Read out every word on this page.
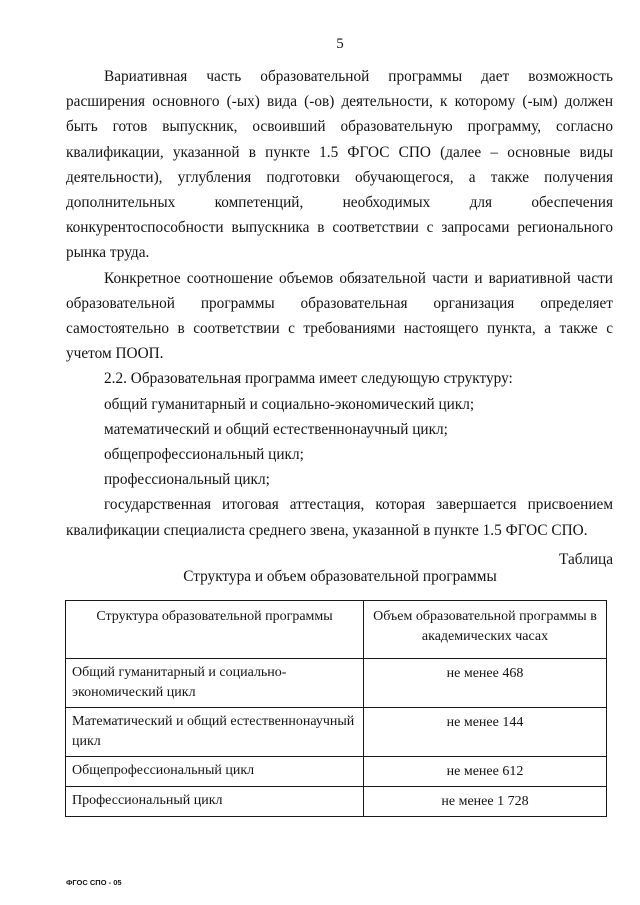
5

Вариативная часть образовательной программы дает возможность расширения основного (-ых) вида (-ов) деятельности, к которому (-ым) должен быть готов выпускник, освоивший образовательную программу, согласно квалификации, указанной в пункте 1.5 ФГОС СПО (далее – основные виды деятельности), углубления подготовки обучающегося, а также получения дополнительных компетенций, необходимых для обеспечения конкурентоспособности выпускника в соответствии с запросами регионального рынка труда.

Конкретное соотношение объемов обязательной части и вариативной части образовательной программы образовательная организация определяет самостоятельно в соответствии с требованиями настоящего пункта, а также с учетом ПООП.

2.2. Образовательная программа имеет следующую структуру:

общий гуманитарный и социально-экономический цикл;

математический и общий естественнонаучный цикл;

общепрофессиональный цикл;

профессиональный цикл;

государственная итоговая аттестация, которая завершается присвоением квалификации специалиста среднего звена, указанной в пункте 1.5 ФГОС СПО.

Таблица
Структура и объем образовательной программы
Структура образовательной программы	Объем образовательной программы в академических часах
Общий гуманитарный и социально-экономический цикл	не менее 468
Математический и общий естественнонаучный цикл	не менее 144
Общепрофессиональный цикл	не менее 612
Профессиональный цикл	не менее 1 728
ФГОС СПО - 05
